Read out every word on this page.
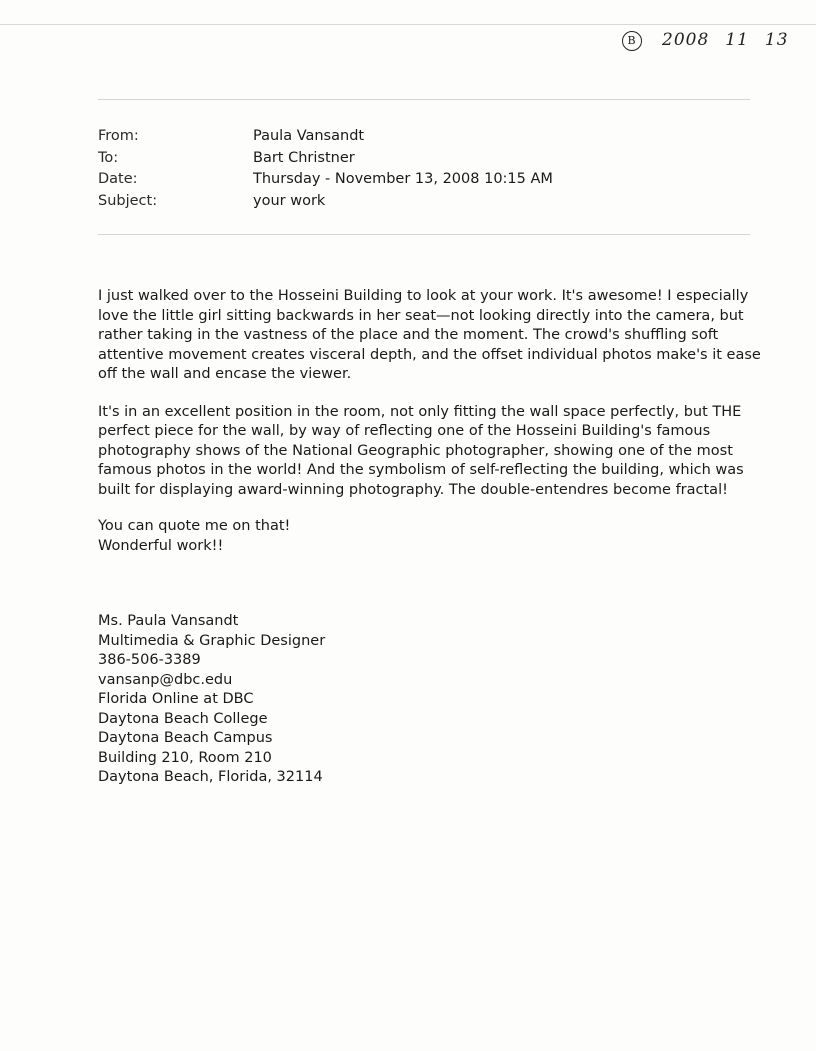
B 2008 11 13
From:	Paula Vansandt
To:	Bart Christner
Date:	Thursday - November 13, 2008 10:15 AM
Subject:	your work

I just walked over to the Hosseini Building to look at your work. It's awesome! I especially
love the little girl sitting backwards in her seat—not looking directly into the camera, but
rather taking in the vastness of the place and the moment. The crowd's shuffling soft
attentive movement creates visceral depth, and the offset individual photos make's it ease
off the wall and encase the viewer.

It's in an excellent position in the room, not only fitting the wall space perfectly, but THE
perfect piece for the wall, by way of reflecting one of the Hosseini Building's famous
photography shows of the National Geographic photographer, showing one of the most
famous photos in the world! And the symbolism of self-reflecting the building, which was
built for displaying award-winning photography. The double-entendres become fractal!

You can quote me on that!
Wonderful work!!
Ms. Paula Vansandt
Multimedia & Graphic Designer
386-506-3389
vansanp@dbc.edu
Florida Online at DBC
Daytona Beach College
Daytona Beach Campus
Building 210, Room 210
Daytona Beach, Florida, 32114
